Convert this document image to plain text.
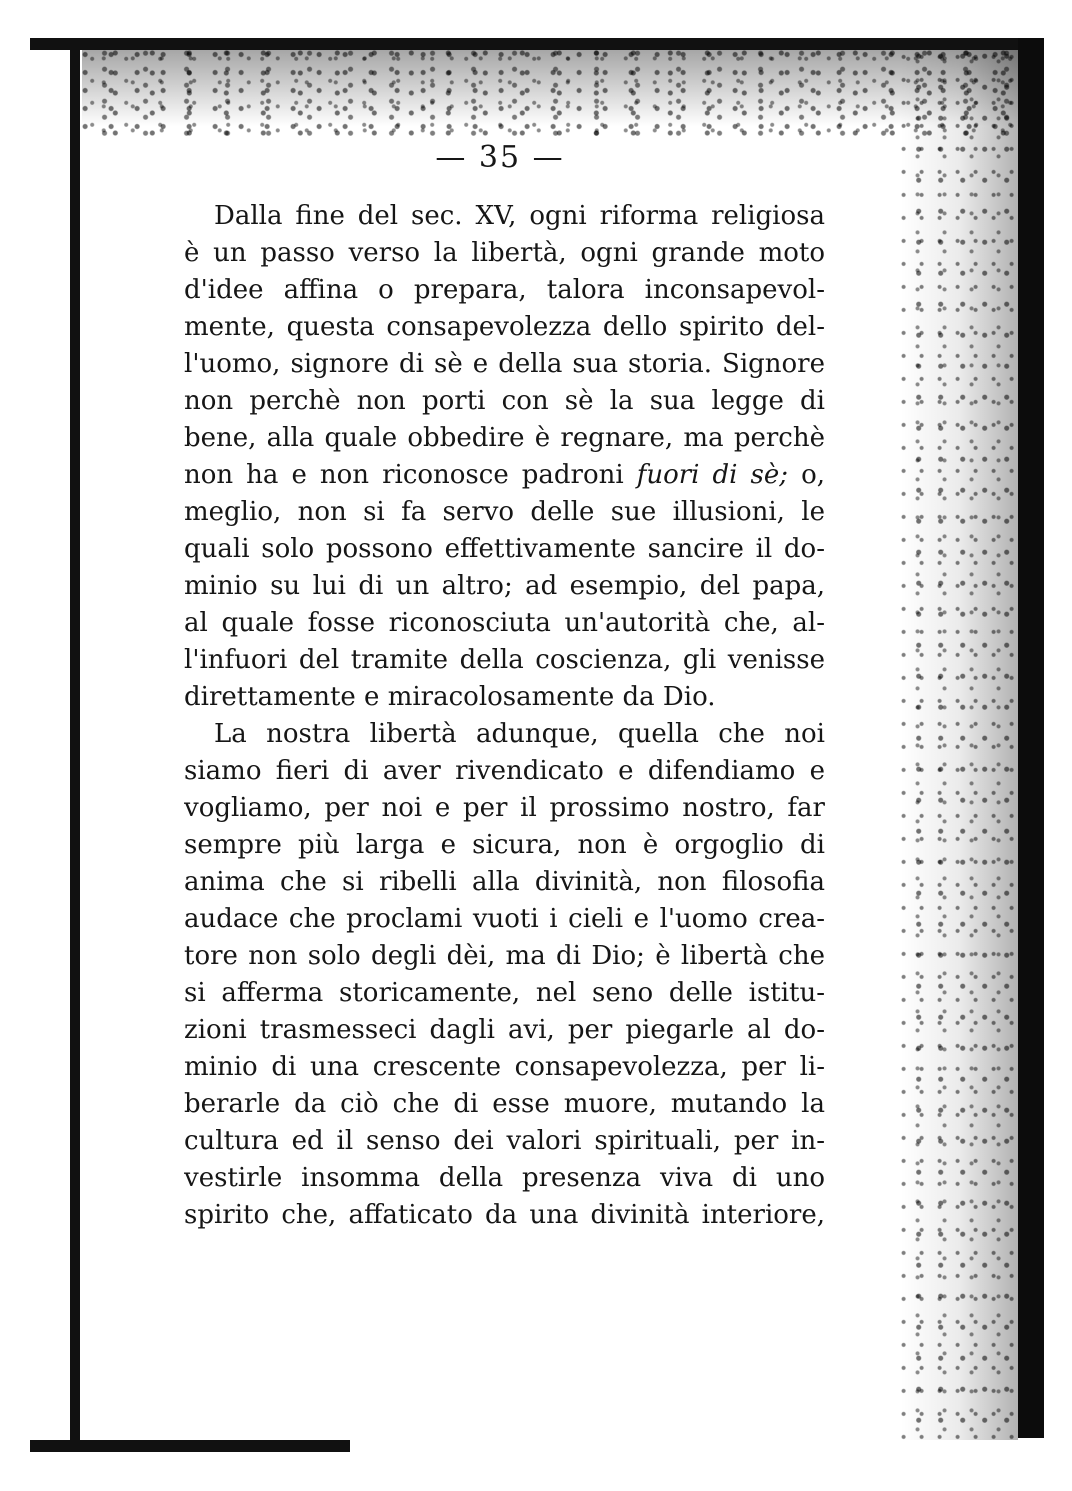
— 35 —
Dalla fine del sec. XV, ogni riforma religiosa
è un passo verso la libertà, ogni grande moto
d'idee affina o prepara, talora inconsapevol-
mente, questa consapevolezza dello spirito del-
l'uomo, signore di sè e della sua storia. Signore
non perchè non porti con sè la sua legge di
bene, alla quale obbedire è regnare, ma perchè
non ha e non riconosce padroni fuori di sè; o,
meglio, non si fa servo delle sue illusioni, le
quali solo possono effettivamente sancire il do-
minio su lui di un altro; ad esempio, del papa,
al quale fosse riconosciuta un'autorità che, al-
l'infuori del tramite della coscienza, gli venisse
direttamente e miracolosamente da Dio.
La nostra libertà adunque, quella che noi
siamo fieri di aver rivendicato e difendiamo e
vogliamo, per noi e per il prossimo nostro, far
sempre più larga e sicura, non è orgoglio di
anima che si ribelli alla divinità, non filosofia
audace che proclami vuoti i cieli e l'uomo crea-
tore non solo degli dèi, ma di Dio; è libertà che
si afferma storicamente, nel seno delle istitu-
zioni trasmesseci dagli avi, per piegarle al do-
minio di una crescente consapevolezza, per li-
berarle da ciò che di esse muore, mutando la
cultura ed il senso dei valori spirituali, per in-
vestirle insomma della presenza viva di uno
spirito che, affaticato da una divinità interiore,
